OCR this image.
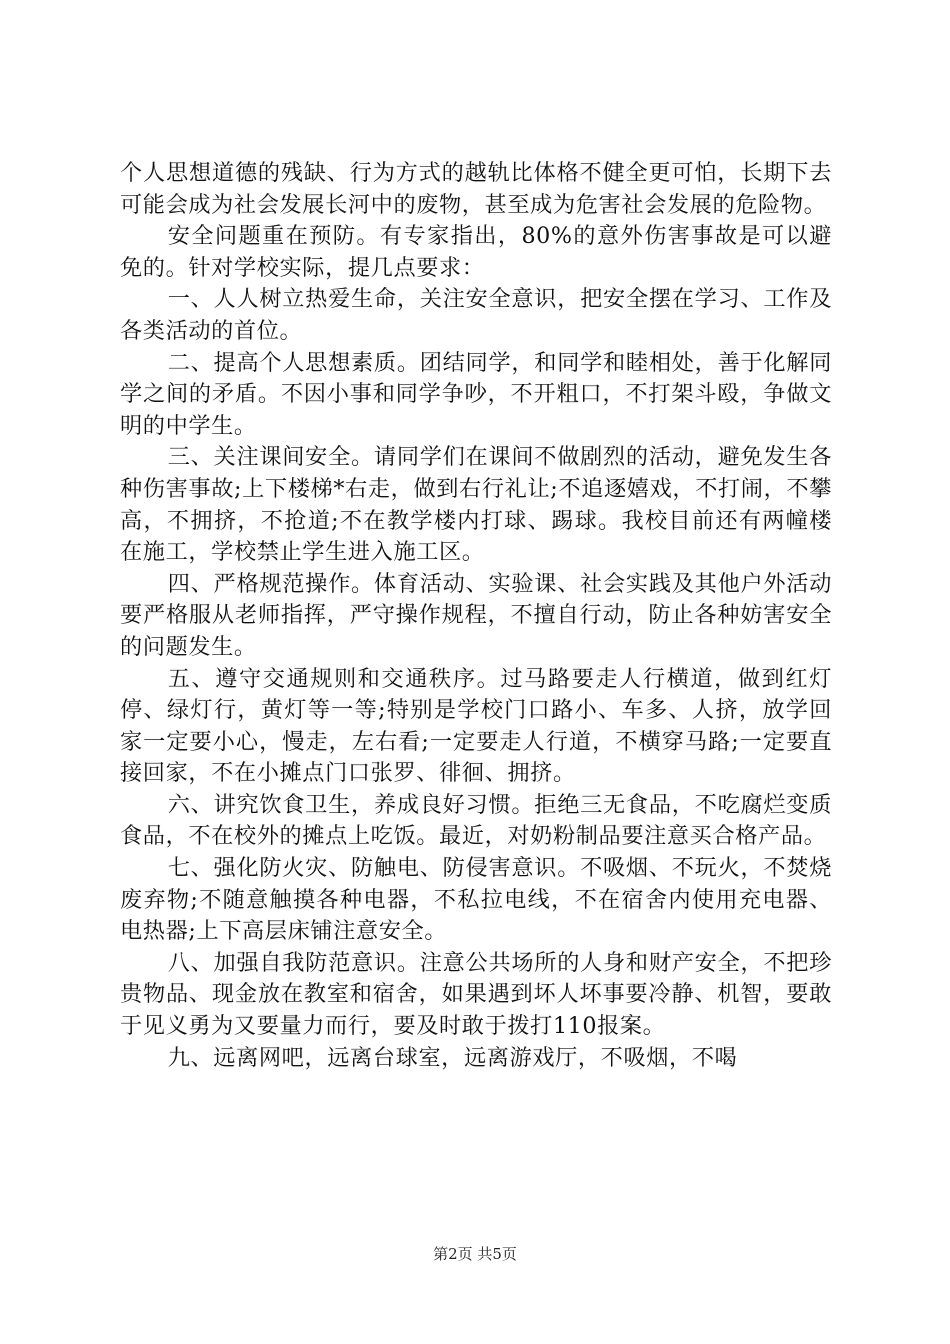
个人思想道德的残缺、行为方式的越轨比体格不健全更可怕，长期下去可能会成为社会发展长河中的废物，甚至成为危害社会发展的危险物。

安全问题重在预防。有专家指出，80%的意外伤害事故是可以避免的。针对学校实际，提几点要求：

一、人人树立热爱生命，关注安全意识，把安全摆在学习、工作及各类活动的首位。

二、提高个人思想素质。团结同学，和同学和睦相处，善于化解同学之间的矛盾。不因小事和同学争吵，不开粗口，不打架斗殴，争做文明的中学生。

三、关注课间安全。请同学们在课间不做剧烈的活动，避免发生各种伤害事故;上下楼梯*右走，做到右行礼让;不追逐嬉戏，不打闹，不攀高，不拥挤，不抢道;不在教学楼内打球、踢球。我校目前还有两幢楼在施工，学校禁止学生进入施工区。

四、严格规范操作。体育活动、实验课、社会实践及其他户外活动要严格服从老师指挥，严守操作规程，不擅自行动，防止各种妨害安全的问题发生。

五、遵守交通规则和交通秩序。过马路要走人行横道，做到红灯停、绿灯行，黄灯等一等;特别是学校门口路小、车多、人挤，放学回家一定要小心，慢走，左右看;一定要走人行道，不横穿马路;一定要直接回家，不在小摊点门口张罗、徘徊、拥挤。

六、讲究饮食卫生，养成良好习惯。拒绝三无食品，不吃腐烂变质食品，不在校外的摊点上吃饭。最近，对奶粉制品要注意买合格产品。

七、强化防火灾、防触电、防侵害意识。不吸烟、不玩火，不焚烧废弃物;不随意触摸各种电器，不私拉电线，不在宿舍内使用充电器、电热器;上下高层床铺注意安全。

八、加强自我防范意识。注意公共场所的人身和财产安全，不把珍贵物品、现金放在教室和宿舍，如果遇到坏人坏事要冷静、机智，要敢于见义勇为又要量力而行，要及时敢于拨打110报案。

九、远离网吧，远离台球室，远离游戏厅，不吸烟，不喝

第2页 共5页
